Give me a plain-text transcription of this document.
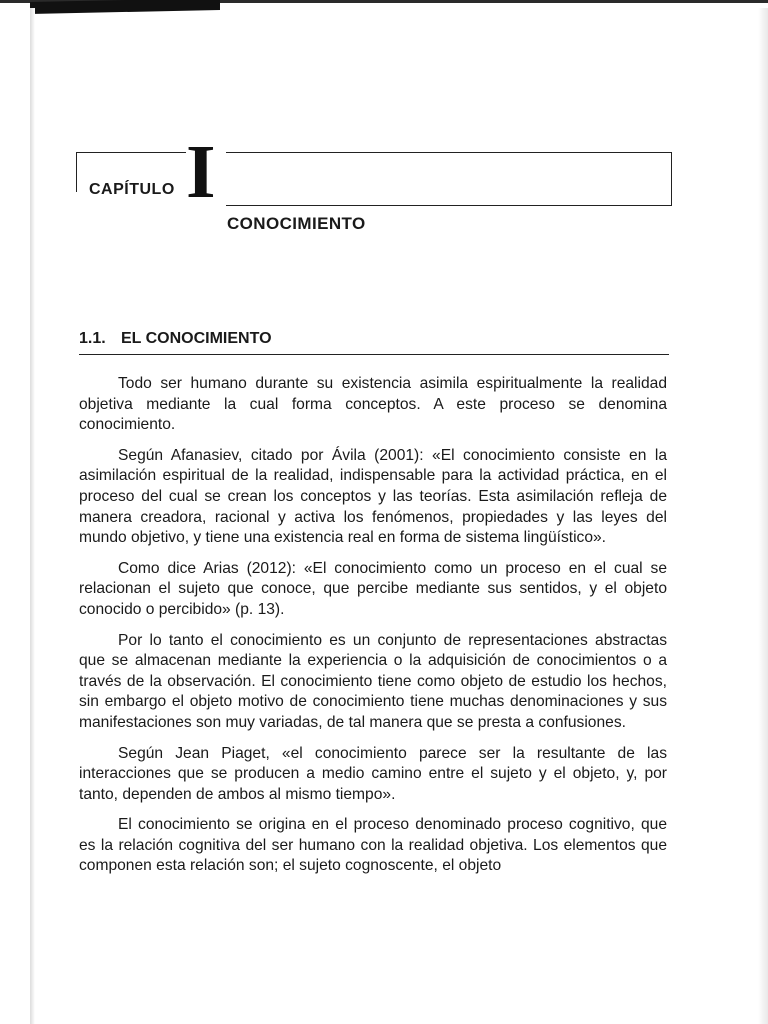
CAPÍTULO I
CONOCIMIENTO
1.1. EL CONOCIMIENTO

Todo ser humano durante su existencia asimila espiritualmente la realidad objetiva mediante la cual forma conceptos. A este proceso se denomina conocimiento.

Según Afanasiev, citado por Ávila (2001): «El conocimiento consiste en la asimilación espiritual de la realidad, indispensable para la actividad práctica, en el proceso del cual se crean los conceptos y las teorías. Esta asimilación refleja de manera creadora, racional y activa los fenómenos, propiedades y las leyes del mundo objetivo, y tiene una existencia real en forma de sistema lingüístico».

Como dice Arias (2012): «El conocimiento como un proceso en el cual se relacionan el sujeto que conoce, que percibe mediante sus sentidos, y el objeto conocido o percibido» (p. 13).

Por lo tanto el conocimiento es un conjunto de representaciones abstractas que se almacenan mediante la experiencia o la adquisición de conocimientos o a través de la observación. El conocimiento tiene como objeto de estudio los hechos, sin embargo el objeto motivo de conocimiento tiene muchas denominaciones y sus manifestaciones son muy variadas, de tal manera que se presta a confusiones.

Según Jean Piaget, «el conocimiento parece ser la resultante de las interacciones que se producen a medio camino entre el sujeto y el objeto, y, por tanto, dependen de ambos al mismo tiempo».

El conocimiento se origina en el proceso denominado proceso cognitivo, que es la relación cognitiva del ser humano con la realidad objetiva. Los elementos que componen esta relación son; el sujeto cognoscente, el objeto
